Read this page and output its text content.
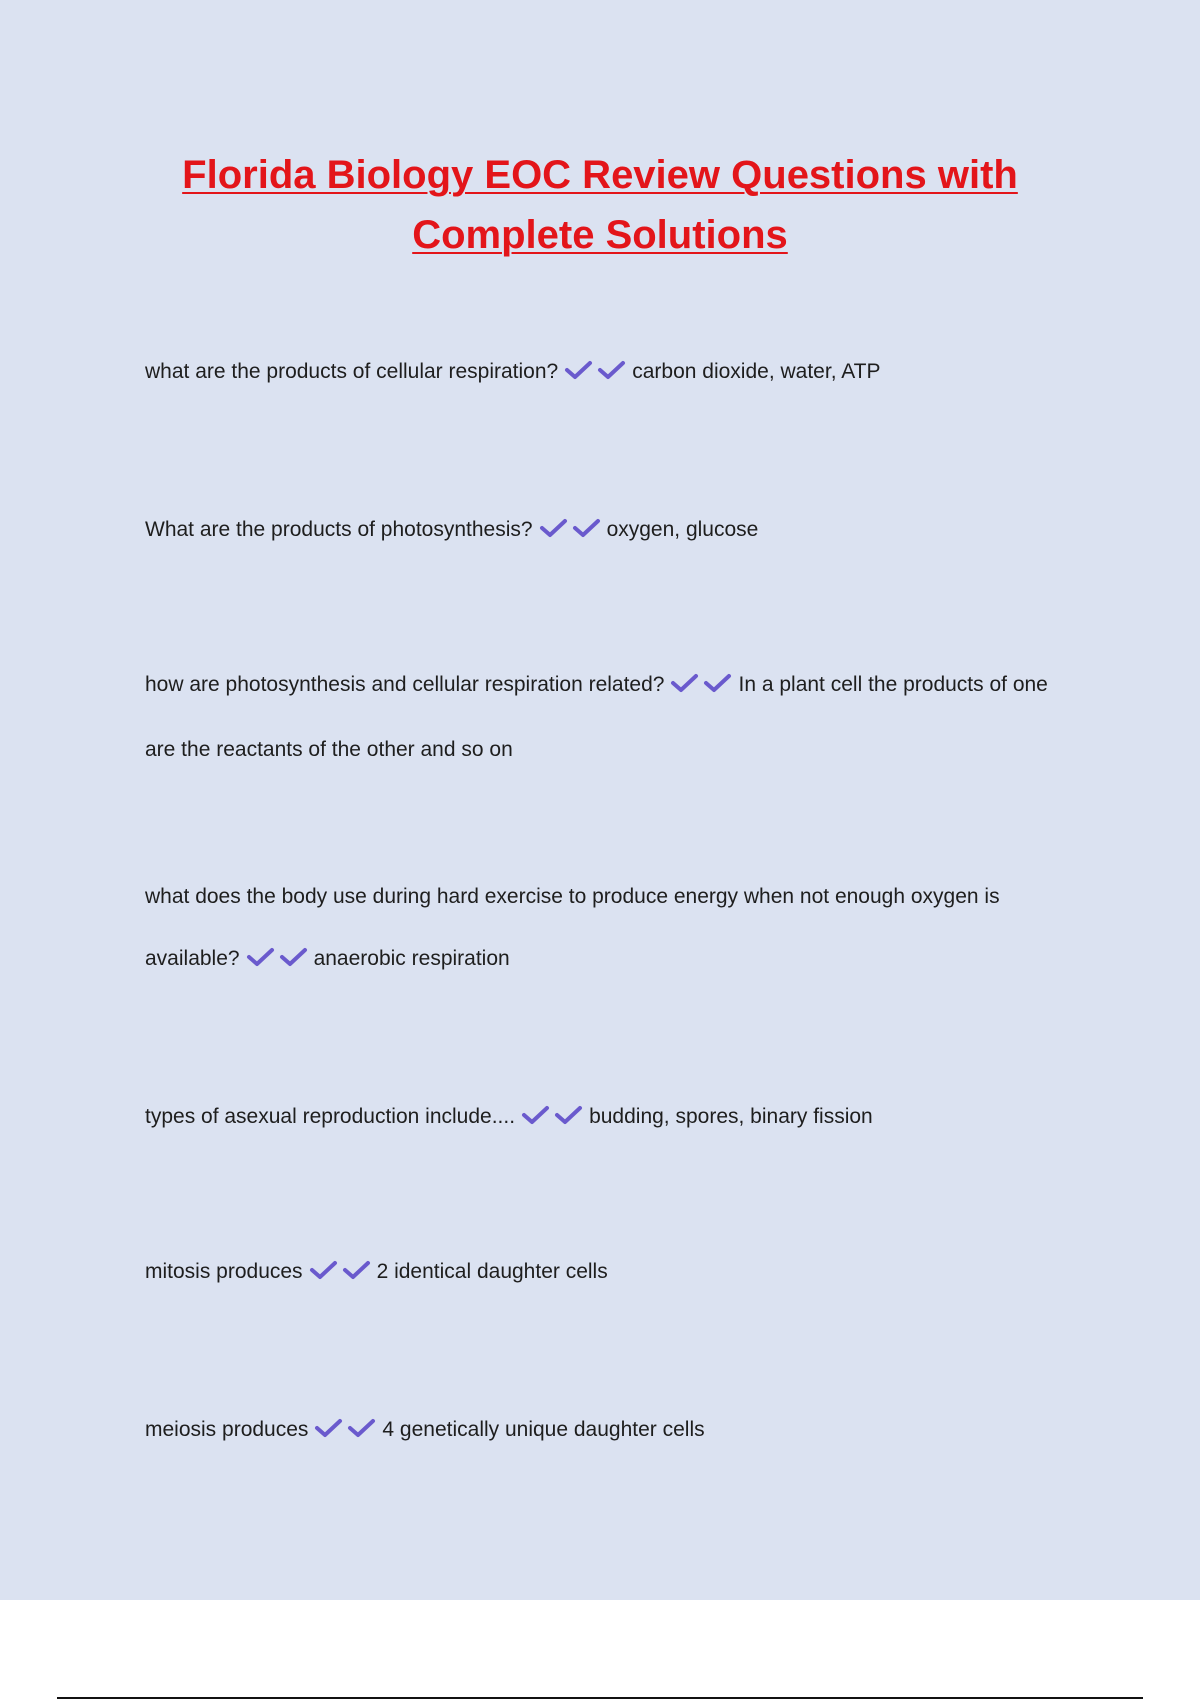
Florida Biology EOC Review Questions with
Complete Solutions
what are the products of cellular respiration?	carbon dioxide, water, ATP
What are the products of photosynthesis?	oxygen, glucose
how are photosynthesis and cellular respiration related?	In a plant cell the products of one are the reactants of the other and so on
what does the body use during hard exercise to produce energy when not enough oxygen is available?	anaerobic respiration
types of asexual reproduction include....	budding, spores, binary fission
mitosis produces	2 identical daughter cells
meiosis produces	4 genetically unique daughter cells
